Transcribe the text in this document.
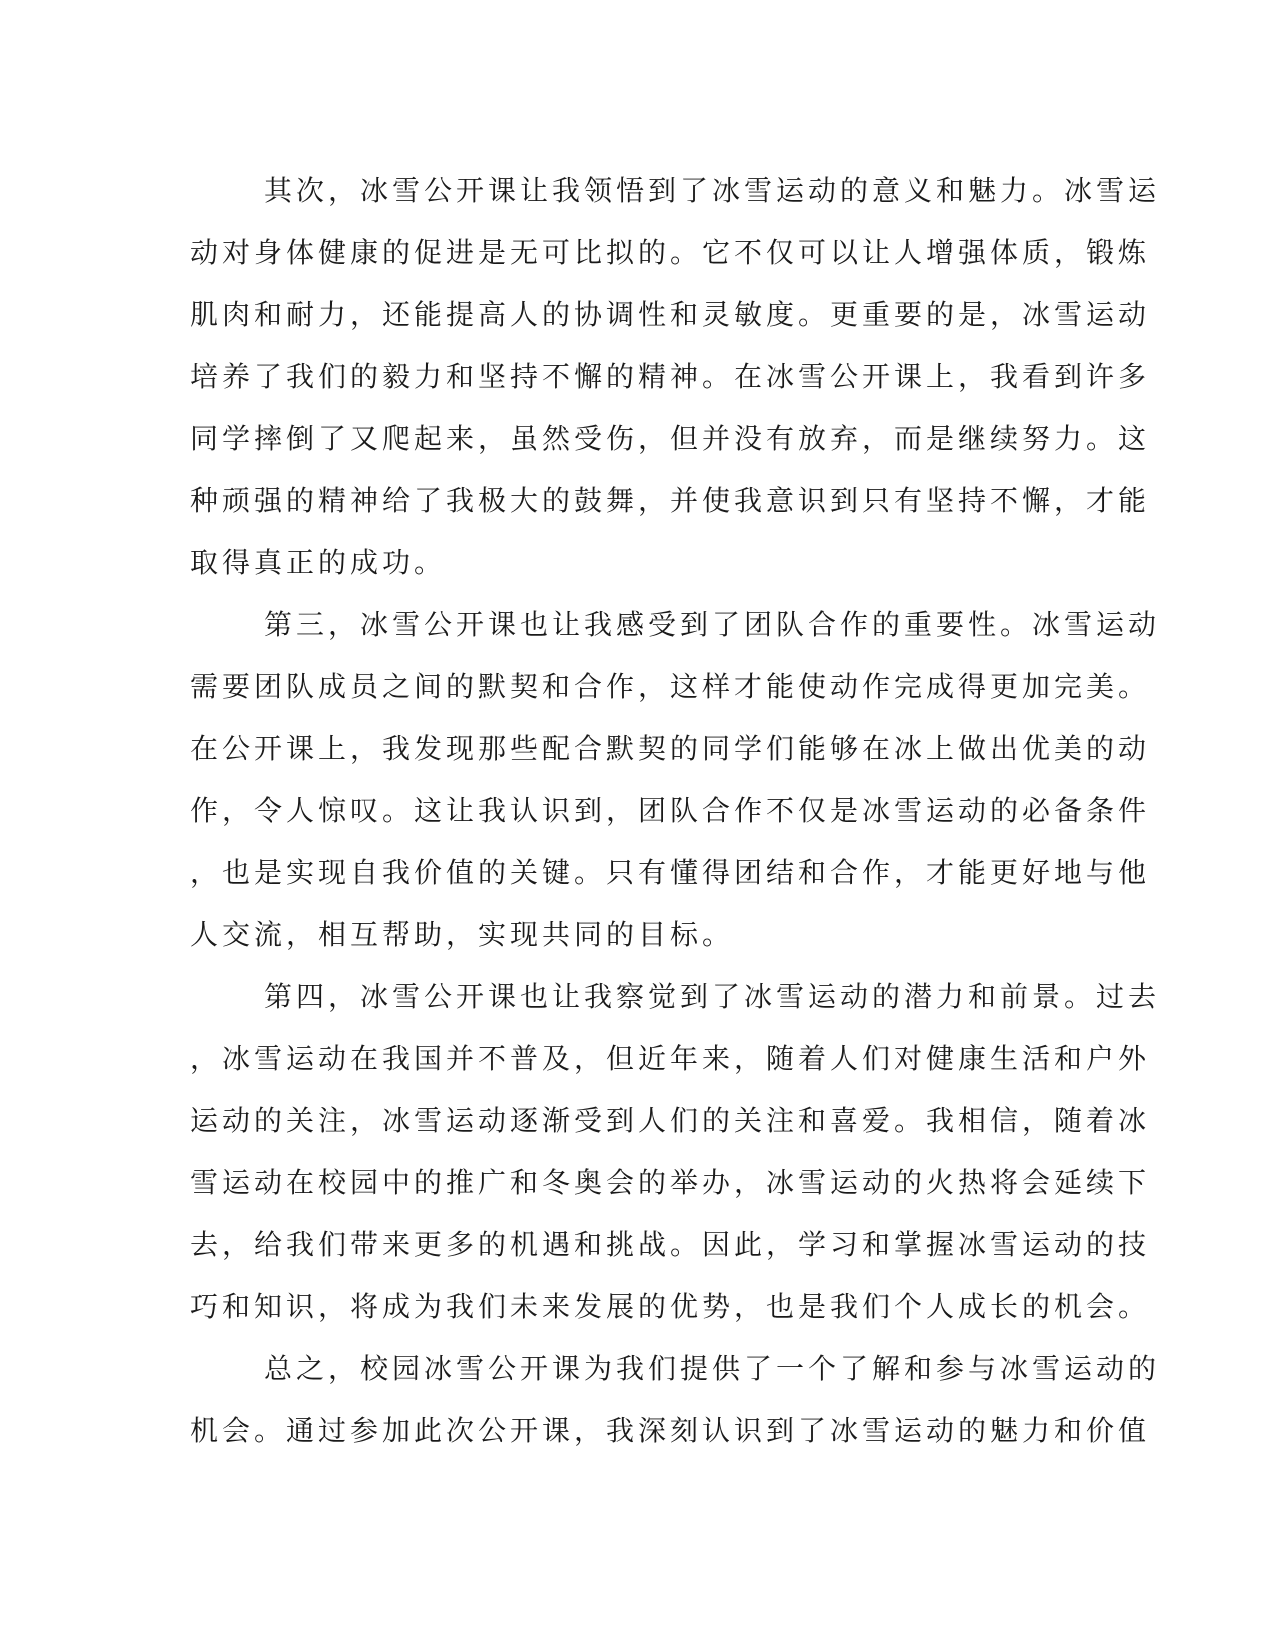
其次，冰雪公开课让我领悟到了冰雪运动的意义和魅力。冰雪运
动对身体健康的促进是无可比拟的。它不仅可以让人增强体质，锻炼
肌肉和耐力，还能提高人的协调性和灵敏度。更重要的是，冰雪运动
培养了我们的毅力和坚持不懈的精神。在冰雪公开课上，我看到许多
同学摔倒了又爬起来，虽然受伤，但并没有放弃，而是继续努力。这
种顽强的精神给了我极大的鼓舞，并使我意识到只有坚持不懈，才能
取得真正的成功。
第三，冰雪公开课也让我感受到了团队合作的重要性。冰雪运动
需要团队成员之间的默契和合作，这样才能使动作完成得更加完美。
在公开课上，我发现那些配合默契的同学们能够在冰上做出优美的动
作，令人惊叹。这让我认识到，团队合作不仅是冰雪运动的必备条件
，也是实现自我价值的关键。只有懂得团结和合作，才能更好地与他
人交流，相互帮助，实现共同的目标。
第四，冰雪公开课也让我察觉到了冰雪运动的潜力和前景。过去
，冰雪运动在我国并不普及，但近年来，随着人们对健康生活和户外
运动的关注，冰雪运动逐渐受到人们的关注和喜爱。我相信，随着冰
雪运动在校园中的推广和冬奥会的举办，冰雪运动的火热将会延续下
去，给我们带来更多的机遇和挑战。因此，学习和掌握冰雪运动的技
巧和知识，将成为我们未来发展的优势，也是我们个人成长的机会。
总之，校园冰雪公开课为我们提供了一个了解和参与冰雪运动的
机会。通过参加此次公开课，我深刻认识到了冰雪运动的魅力和价值
